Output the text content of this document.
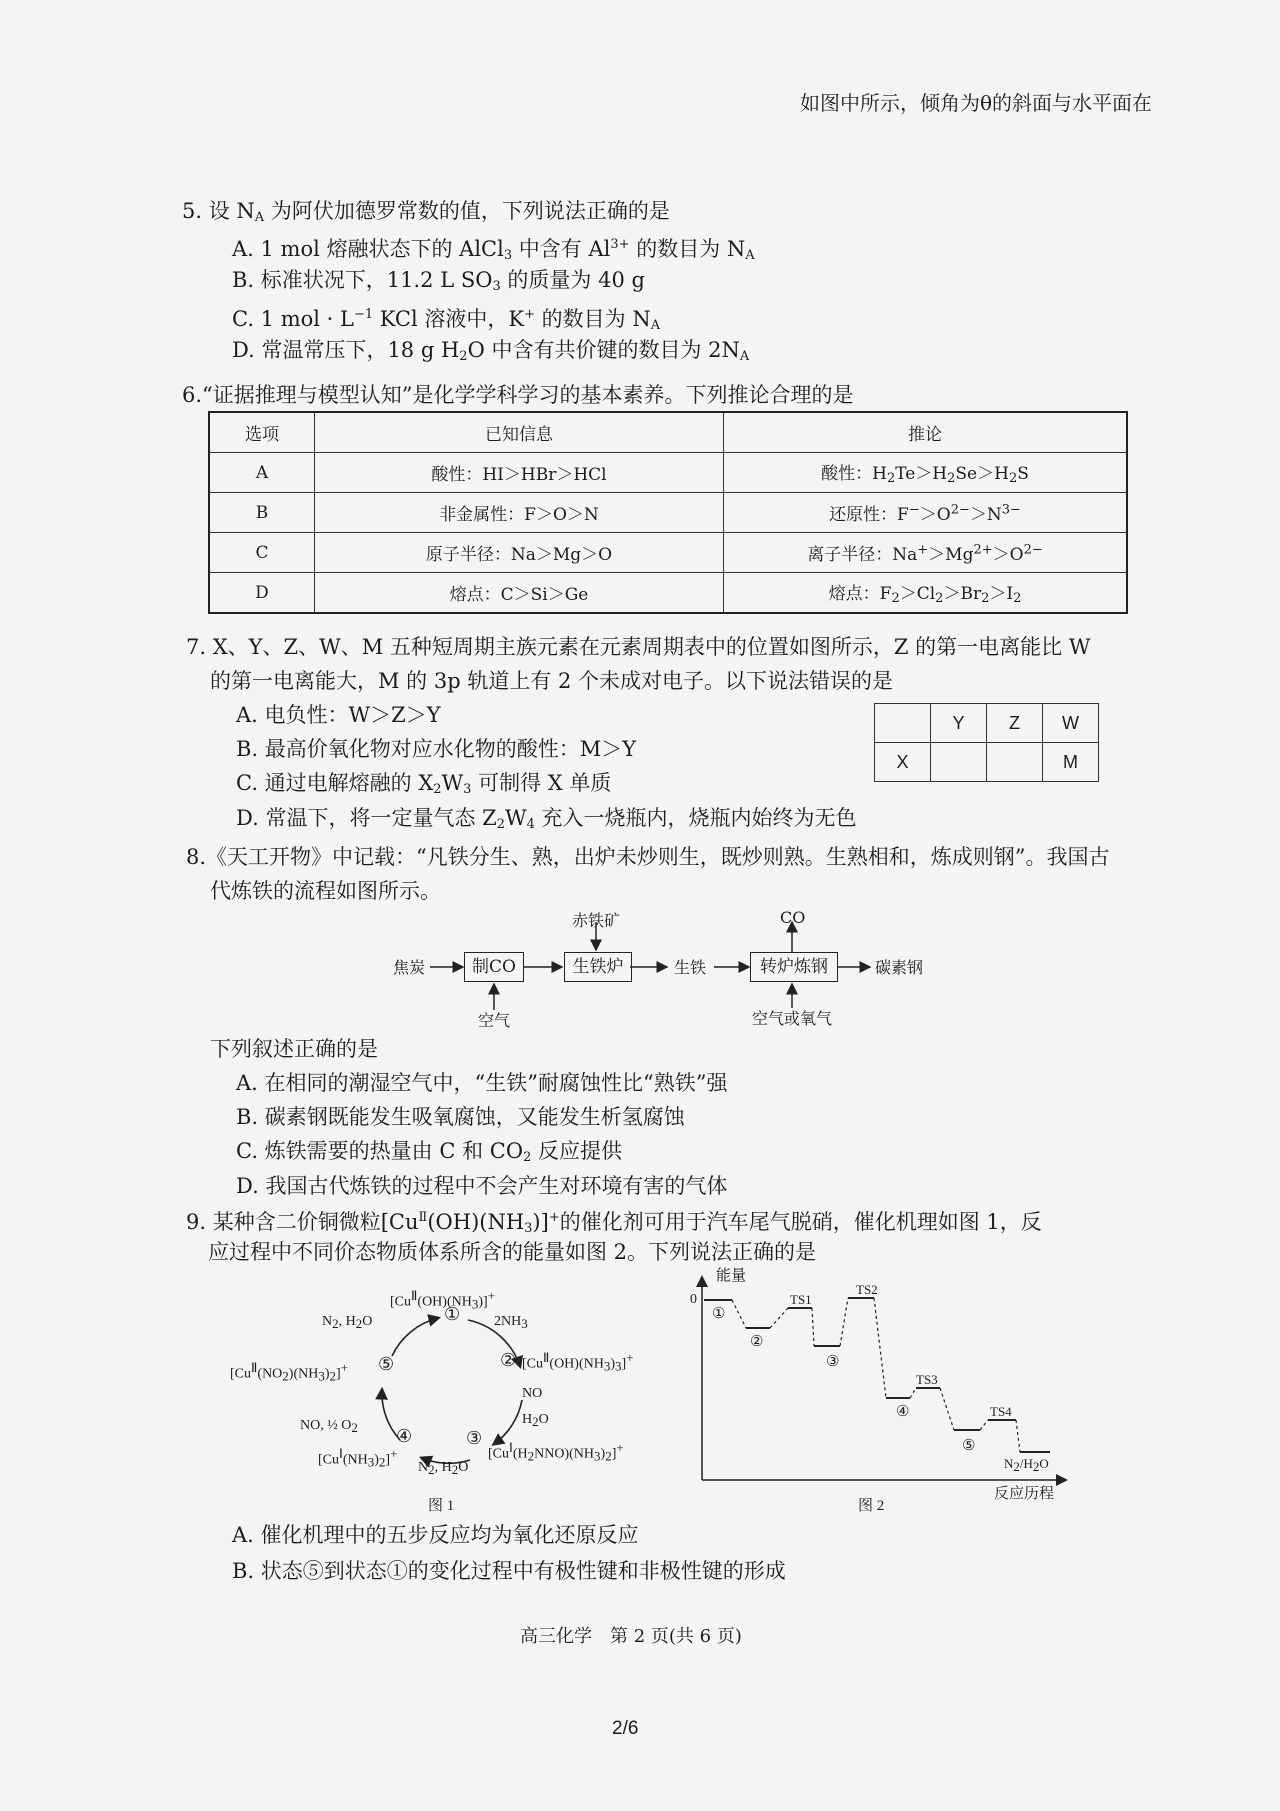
如图中所示，倾角为θ的斜面与水平面在
5. 设 $N_A$ 为阿伏加德罗常数的值，下列说法正确的是
A. 1 mol 熔融状态下的 AlCl$_3$ 中含有 $Al^{3+}$ 的数目为 $N_A$
B. 标准状况下，11.2 L $SO_3$ 的质量为 40 g
C. 1 mol · $L^{-1}$ KCl 溶液中，K+ 的数目为 $N_A$
D. 常温常压下，18 g $H_2O$ 中含有共价键的数目为 $2N_A$
6.“证据推理与模型认知”是化学学科学习的基本素养。下列推论合理的是
选项	已知信息	推论
A	酸性：HI＞HBr＞HCl	酸性：$H_2Te>H_2Se>H_2S$
B	非金属性：F＞O＞N	还原性：$F^->O^{2-}>N^{3-}$
C	原子半径：Na＞Mg＞O	离子半径：$Na^+>Mg^{2+}>O^{2-}$
D	熔点：C＞Si＞Ge	熔点：$F_2>Cl_2>Br_2>I_2$
7. X、Y、Z、W、M 五种短周期主族元素在元素周期表中的位置如图所示，Z 的第一电离能比 W
的第一电离能大，M 的 3p 轨道上有 2 个未成对电子。以下说法错误的是
A. 电负性：W＞Z＞Y
B. 最高价氧化物对应水化物的酸性：M＞Y
C. 通过电解熔融的 $X_2W_3$ 可制得 X 单质
D. 常温下，将一定量气态 $Z_2W_4$ 充入一烧瓶内，烧瓶内始终为无色
	Y	Z	W
X			M
8.《天工开物》中记载：“凡铁分生、熟，出炉未炒则生，既炒则熟。生熟相和，炼成则钢”。我国古
代炼铁的流程如图所示。
焦炭	制CO
赤铁矿
生铁炉	生铁
CO
转炉炼钢	碳素钢
空气	空气或氧气
下列叙述正确的是
A. 在相同的潮湿空气中，“生铁”耐腐蚀性比“熟铁”强
B. 碳素钢既能发生吸氧腐蚀，又能发生析氢腐蚀
C. 炼铁需要的热量由 C 和 $CO_2$ 反应提供
D. 我国古代炼铁的过程中不会产生对环境有害的气体
9. 某种含二价铜微粒$[Cu^Ⅱ(OH)(NH_3)]^+$的催化剂可用于汽车尾气脱硝，催化机理如图 1，反
应过程中不同价态物质体系所含的能量如图 2。下列说法正确的是
$[Cu^Ⅱ(OH)(NH_3)]^+$
① $2NH_3$
$N_2$, $H_2O$
② $[Cu^Ⅱ(OH)(NH_3)_3]^+$
NO
$H_2O$
③
$[Cu^Ⅰ(H_2NNO)(NH_3)_2]^+$
$N_2$, $H_2O$
④
$[Cu^Ⅰ(NH_3)_2]^+$
NO, ½ $O_2$
⑤
$[Cu^Ⅱ(NO_2)(NH_3)_2]^+$
图 1
能量
0
①
②
TS1
③
TS2
④
TS3
⑤
TS4
$N_2/H_2O$
反应历程
图 2
A. 催化机理中的五步反应均为氧化还原反应
B. 状态⑤到状态①的变化过程中有极性键和非极性键的形成
高三化学　第 2 页(共 6 页)
2/6
